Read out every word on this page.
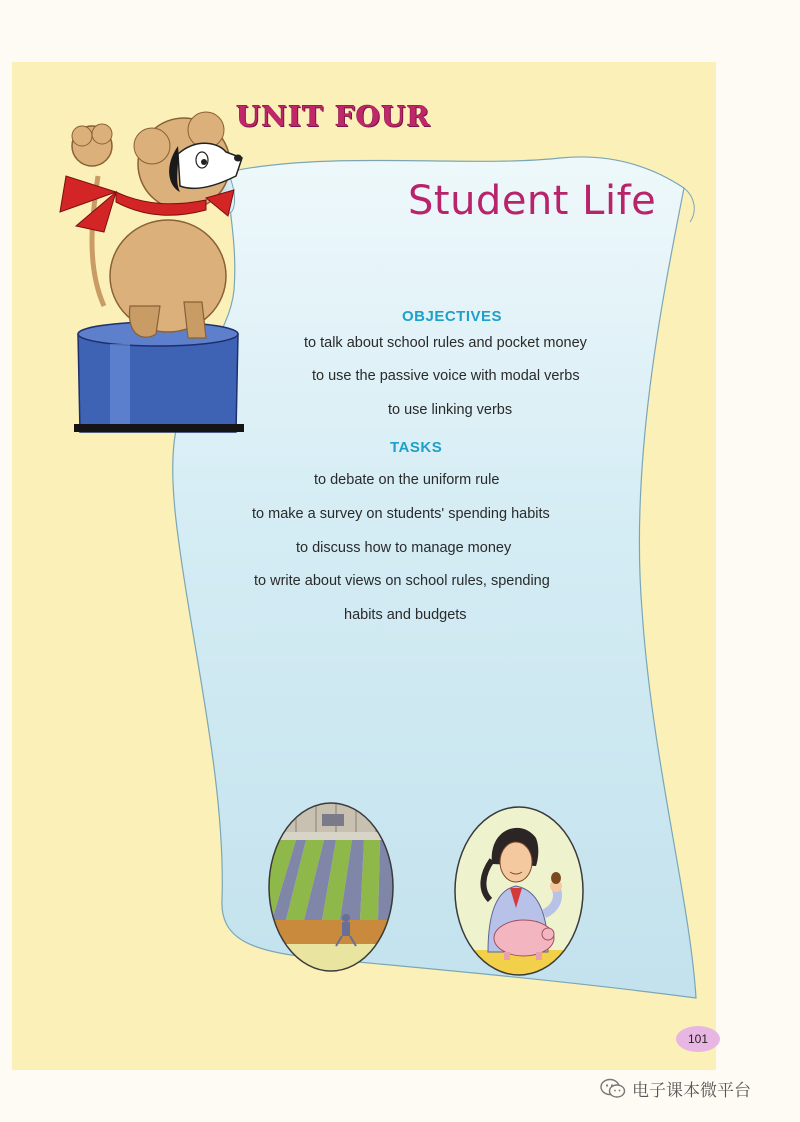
UNIT FOUR
Student Life
OBJECTIVES

to talk about school rules and pocket money

to use the passive voice with modal verbs

to use linking verbs

TASKS

to debate on the uniform rule

to make a survey on students' spending habits

to discuss how to manage money

to write about views on school rules, spending

habits and budgets

101
电子课本微平台
